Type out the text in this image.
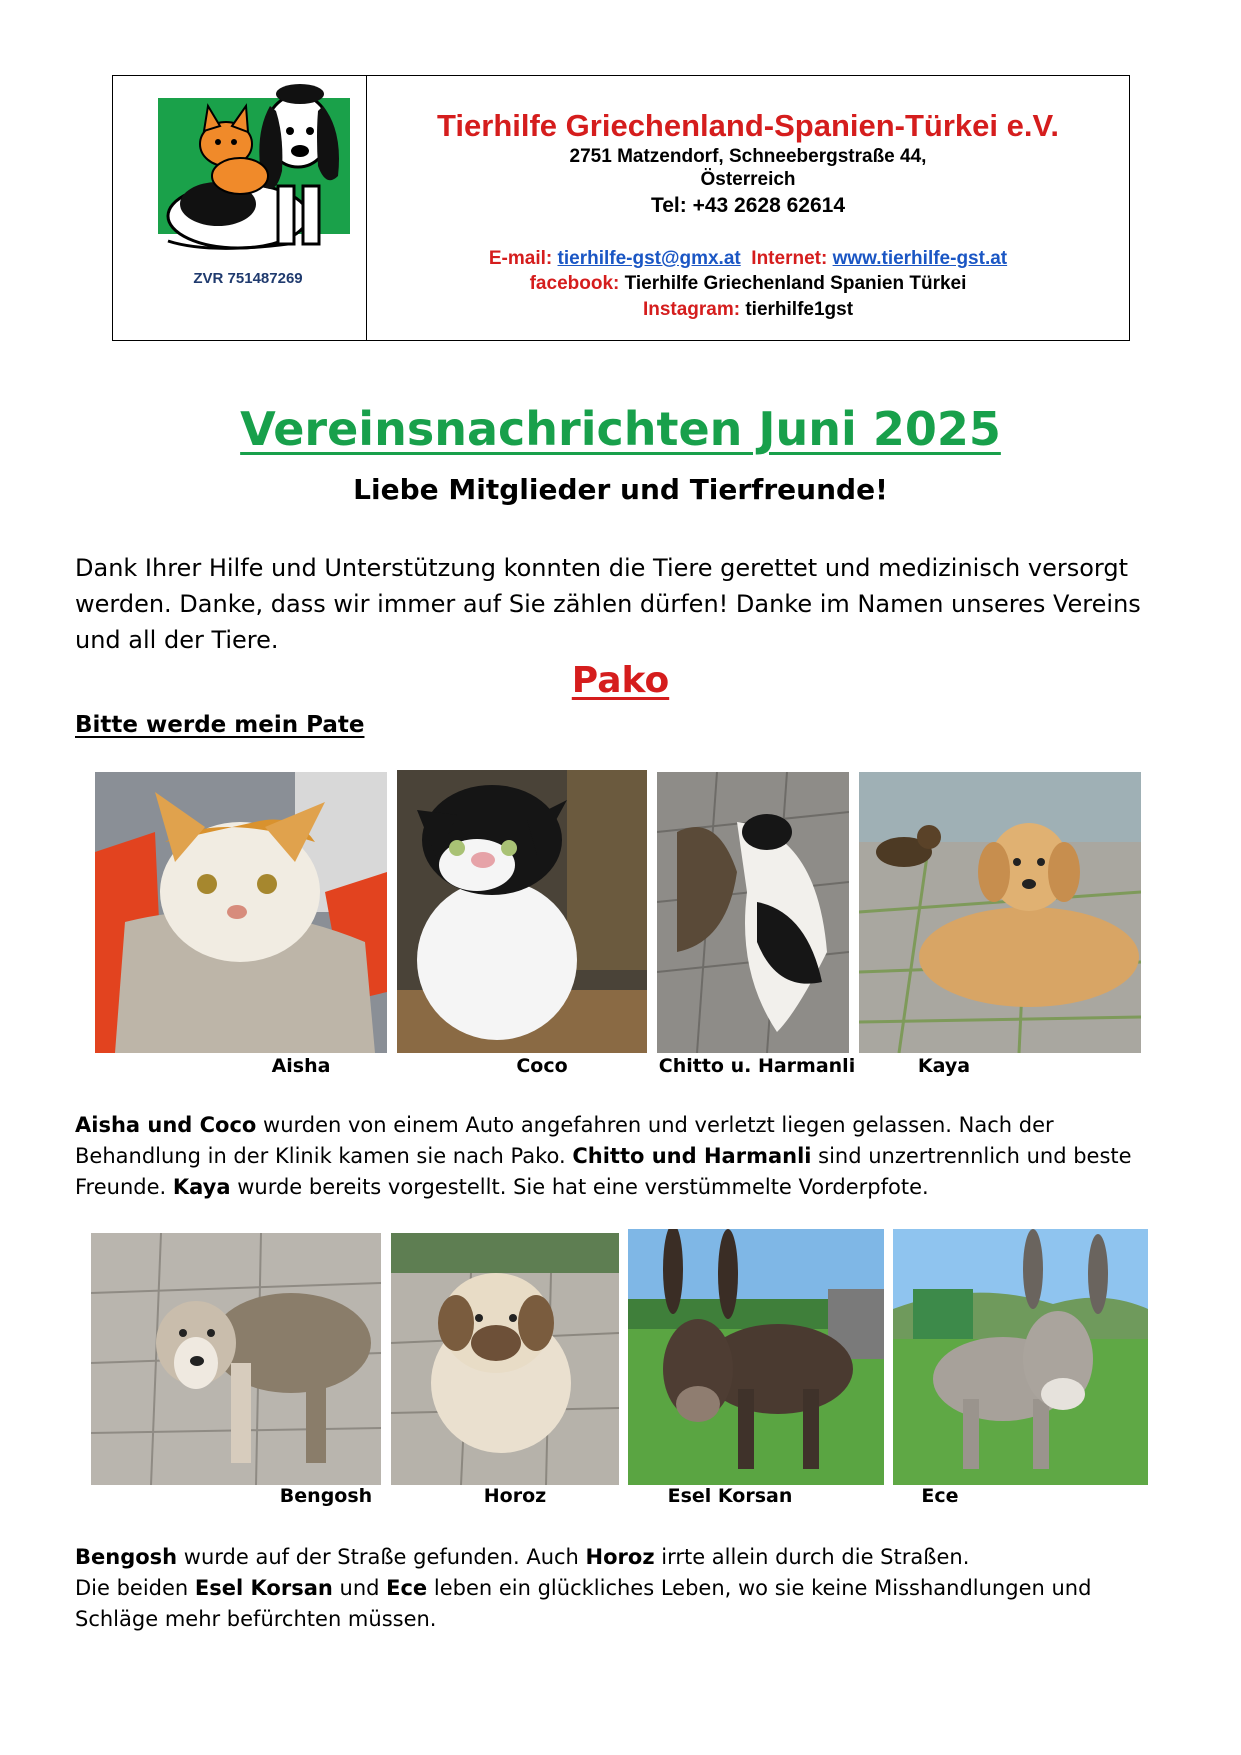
ZVR 751487269
Tierhilfe Griechenland-Spanien-Türkei e.V.
2751 Matzendorf, Schneebergstraße 44,
Österreich
Tel: +43 2628 62614
E-mail: tierhilfe-gst@gmx.at Internet: www.tierhilfe-gst.at
facebook: Tierhilfe Griechenland Spanien Türkei
Instagram: tierhilfe1gst
Vereinsnachrichten Juni 2025
Liebe Mitglieder und Tierfreunde!
Dank Ihrer Hilfe und Unterstützung konnten die Tiere gerettet und medizinisch versorgt werden. Danke, dass wir immer auf Sie zählen dürfen! Danke im Namen unseres Vereins und all der Tiere.
Pako
Bitte werde mein Pate
Aisha	Coco	Chitto u. Harmanli	Kaya
Aisha und Coco wurden von einem Auto angefahren und verletzt liegen gelassen. Nach der Behandlung in der Klinik kamen sie nach Pako. Chitto und Harmanli sind unzertrennlich und beste Freunde. Kaya wurde bereits vorgestellt. Sie hat eine verstümmelte Vorderpfote.
Bengosh	Horoz	Esel Korsan	Ece
Bengosh wurde auf der Straße gefunden. Auch Horoz irrte allein durch die Straßen.
Die beiden Esel Korsan und Ece leben ein glückliches Leben, wo sie keine Misshandlungen und Schläge mehr befürchten müssen.
